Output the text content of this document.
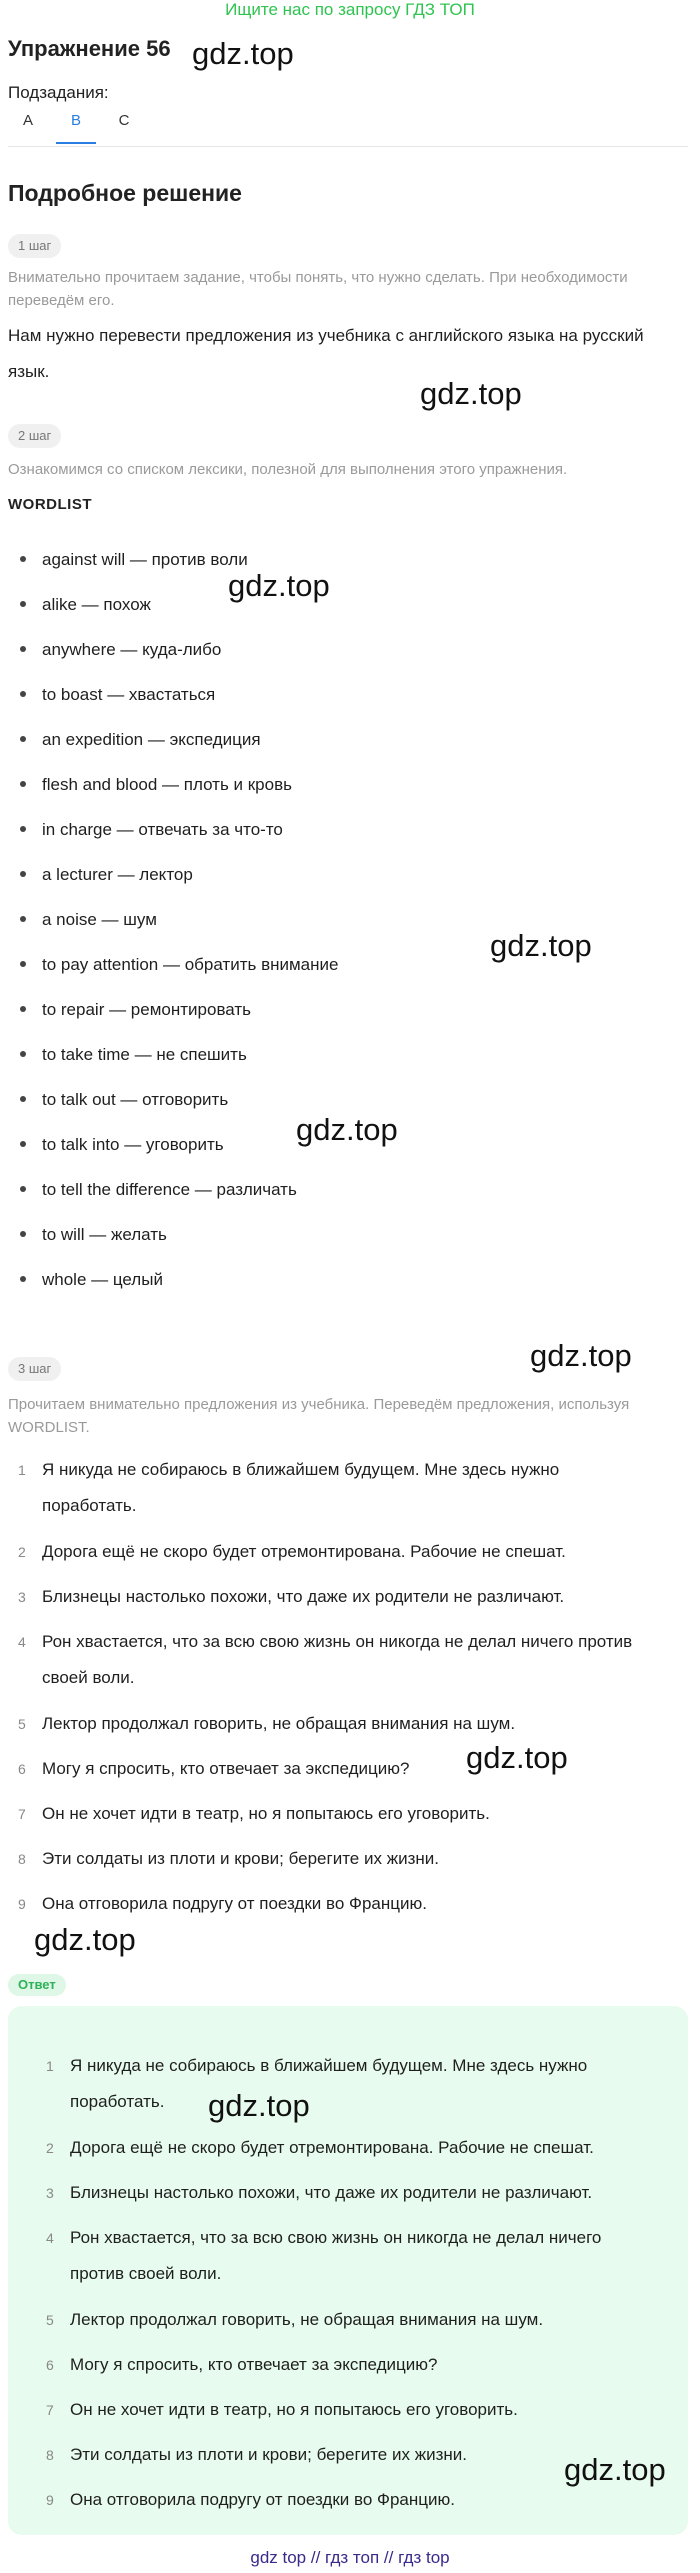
Ищите нас по запросу ГДЗ ТОП
Упражнение 56 gdz.top
Подзадания:
A	B	C
Подробное решение
1 шаг
Внимательно прочитаем задание, чтобы понять, что нужно сделать. При необходимости переведём его.
Нам нужно перевести предложения из учебника с английского языка на русский язык.
gdz.top
2 шаг
Ознакомимся со списком лексики, полезной для выполнения этого упражнения.
WORDLIST
against will — против воли
alike — похож
anywhere — куда-либо
to boast — хвастаться
an expedition — экспедиция
flesh and blood — плоть и кровь
in charge — отвечать за что-то
a lecturer — лектор
a noise — шум
to pay attention — обратить внимание
to repair — ремонтировать
to take time — не спешить
to talk out — отговорить
to talk into — уговорить
to tell the difference — различать
to will — желать
whole — целый
gdz.top
gdz.top
gdz.top
gdz.top
3 шаг
Прочитаем внимательно предложения из учебника. Переведём предложения, используя WORDLIST.
1 Я никуда не собираюсь в ближайшем будущем. Мне здесь нужно
поработать.
2 Дорога ещё не скоро будет отремонтирована. Рабочие не спешат.
3 Близнецы настолько похожи, что даже их родители не различают.
4 Рон хвастается, что за всю свою жизнь он никогда не делал ничего против
своей воли.
5 Лектор продолжал говорить, не обращая внимания на шум.
6 Могу я спросить, кто отвечает за экспедицию?
7 Он не хочет идти в театр, но я попытаюсь его уговорить.
8 Эти солдаты из плоти и крови; берегите их жизни.
9 Она отговорила подругу от поездки во Францию.
gdz.top
gdz.top
Ответ
1 Я никуда не собираюсь в ближайшем будущем. Мне здесь нужно
поработать.
2 Дорога ещё не скоро будет отремонтирована. Рабочие не спешат.
3 Близнецы настолько похожи, что даже их родители не различают.
4 Рон хвастается, что за всю свою жизнь он никогда не делал ничего
против своей воли.
5 Лектор продолжал говорить, не обращая внимания на шум.
6 Могу я спросить, кто отвечает за экспедицию?
7 Он не хочет идти в театр, но я попытаюсь его уговорить.
8 Эти солдаты из плоти и крови; берегите их жизни.
9 Она отговорила подругу от поездки во Францию.
gdz.top
gdz.top
gdz top // гдз топ // гдз top
